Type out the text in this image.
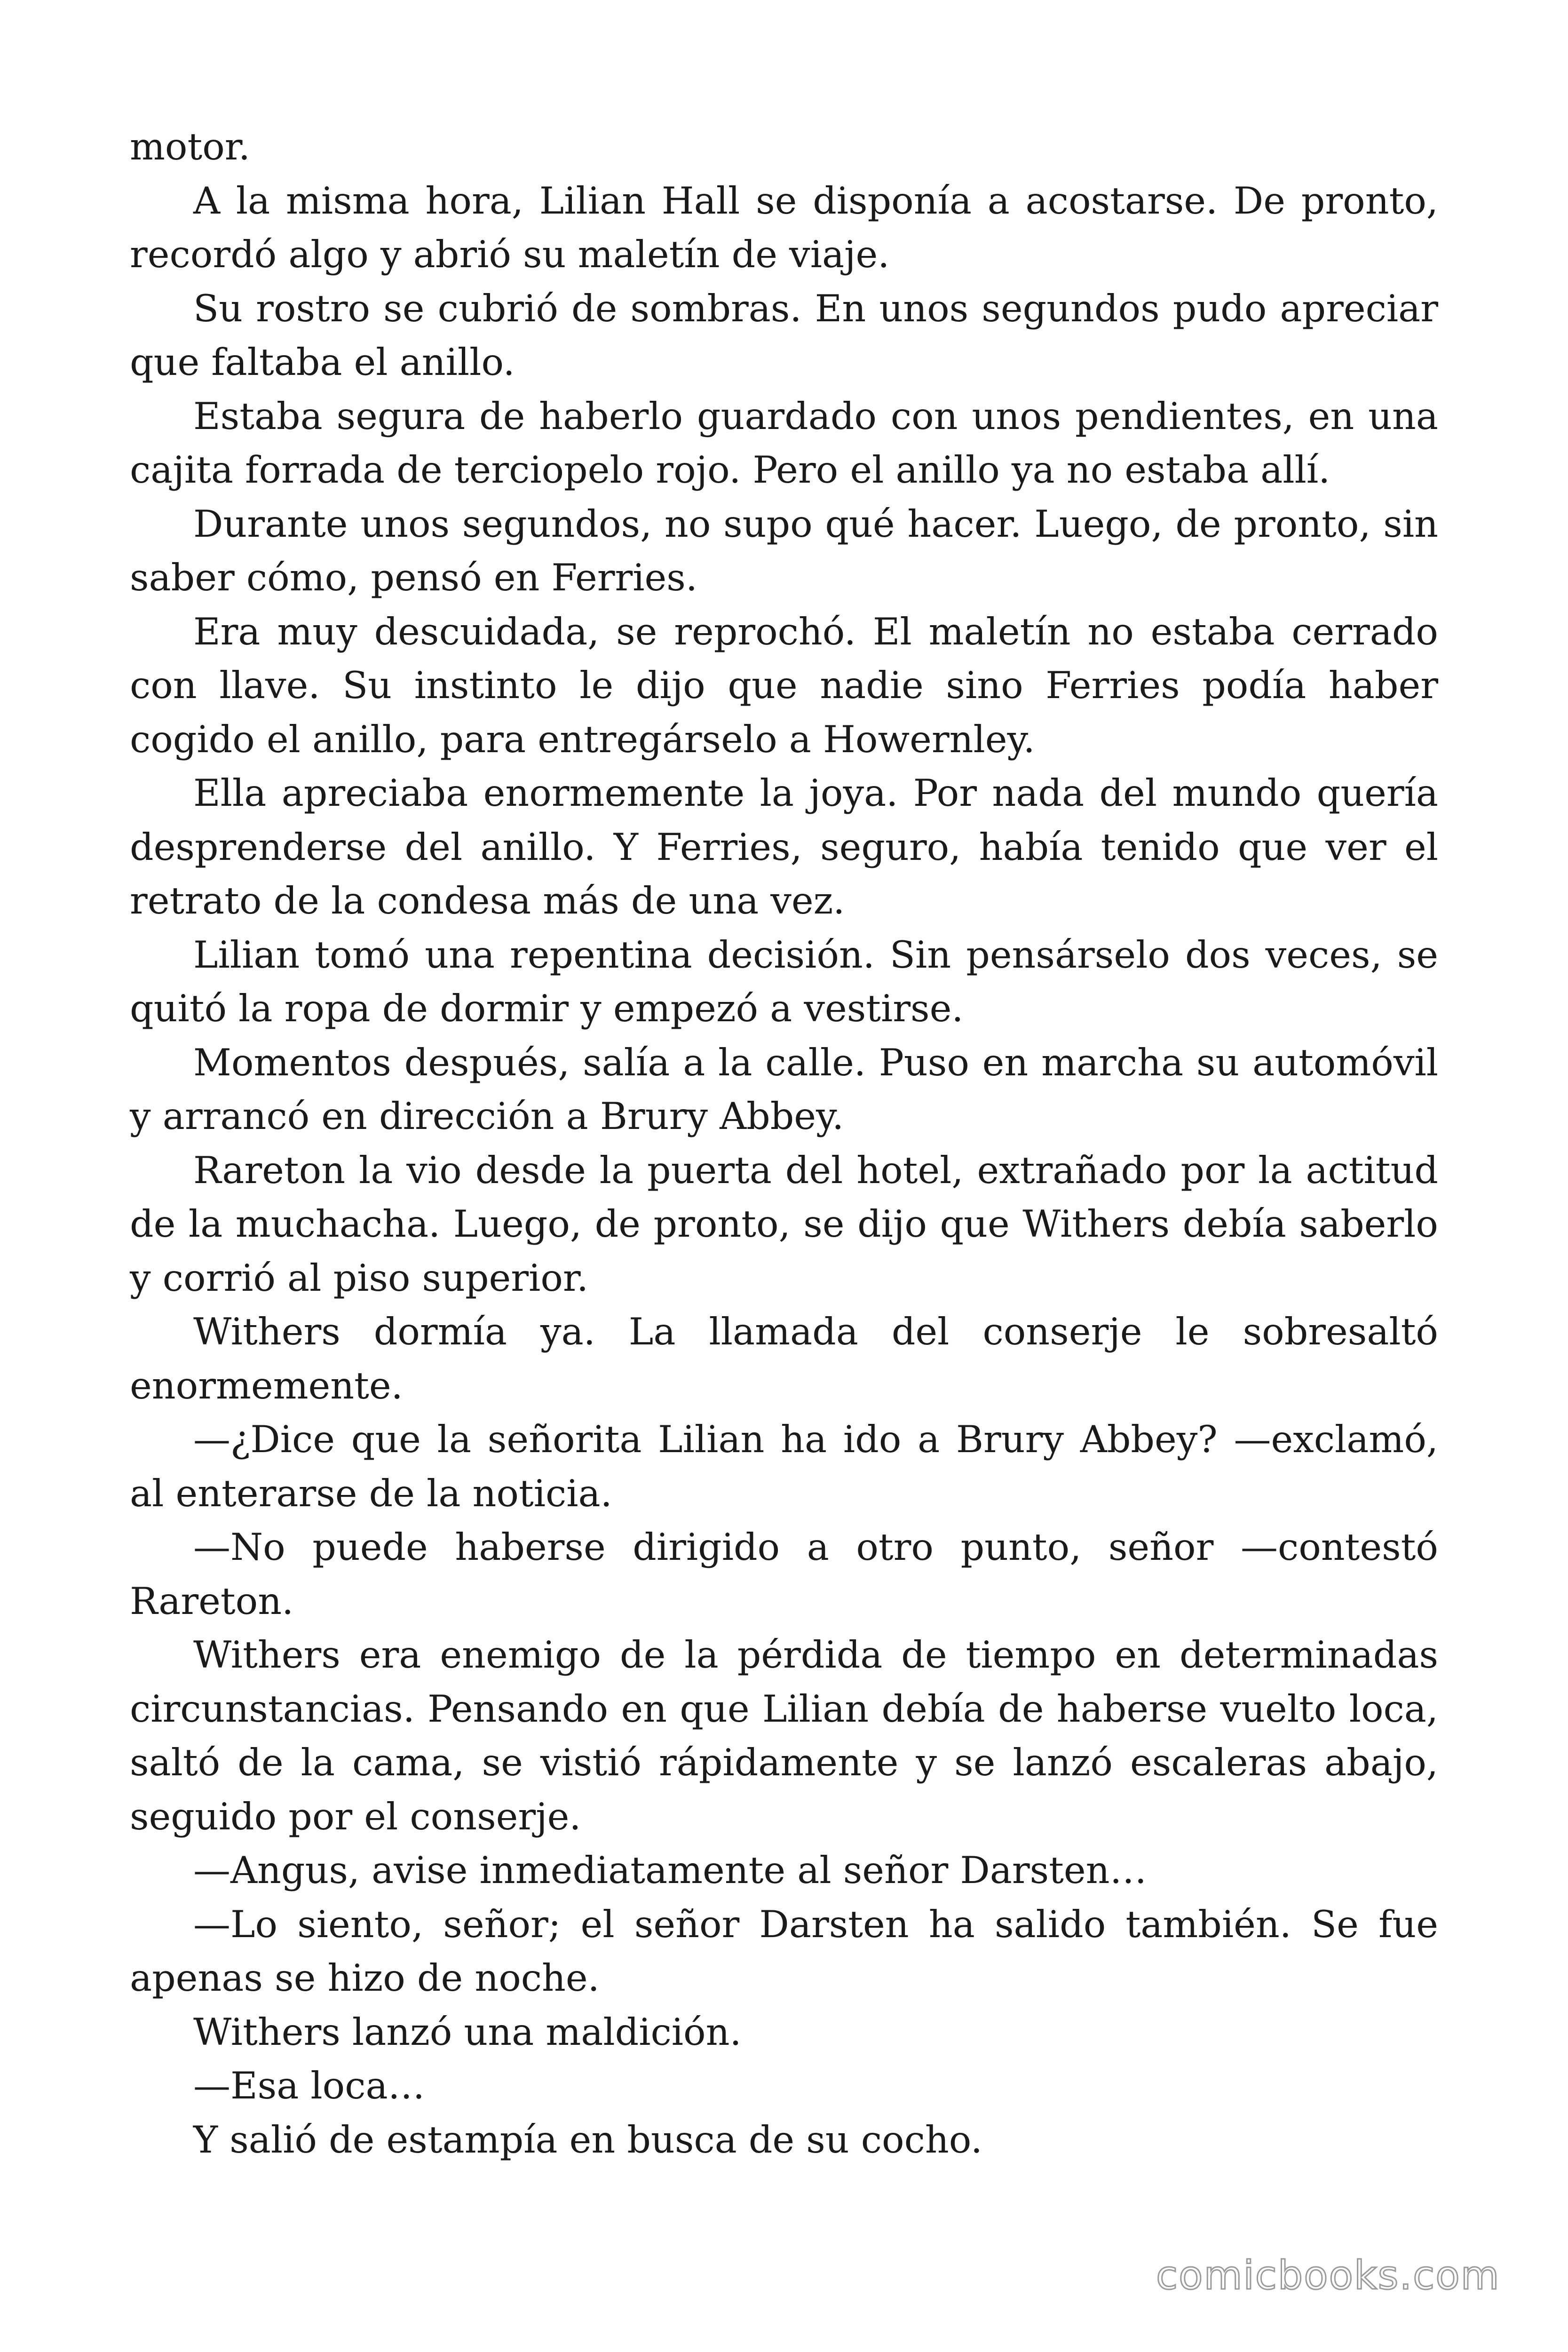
motor.

A la misma hora, Lilian Hall se disponía a acostarse. De pronto, recordó algo y abrió su maletín de viaje.

Su rostro se cubrió de sombras. En unos segundos pudo apreciar que faltaba el anillo.

Estaba segura de haberlo guardado con unos pendientes, en una cajita forrada de terciopelo rojo. Pero el anillo ya no estaba allí.

Durante unos segundos, no supo qué hacer. Luego, de pronto, sin saber cómo, pensó en Ferries.

Era muy descuidada, se reprochó. El maletín no estaba cerrado con llave. Su instinto le dijo que nadie sino Ferries podía haber cogido el anillo, para entregárselo a Howernley.

Ella apreciaba enormemente la joya. Por nada del mundo quería desprenderse del anillo. Y Ferries, seguro, había tenido que ver el retrato de la condesa más de una vez.

Lilian tomó una repentina decisión. Sin pensárselo dos veces, se quitó la ropa de dormir y empezó a vestirse.

Momentos después, salía a la calle. Puso en marcha su automóvil y arrancó en dirección a Brury Abbey.

Rareton la vio desde la puerta del hotel, extrañado por la actitud de la muchacha. Luego, de pronto, se dijo que Withers debía saberlo y corrió al piso superior.

Withers dormía ya. La llamada del conserje le sobresaltó enormemente.

—¿Dice que la señorita Lilian ha ido a Brury Abbey? —exclamó, al enterarse de la noticia.

—No puede haberse dirigido a otro punto, señor —contestó Rareton.

Withers era enemigo de la pérdida de tiempo en determinadas circunstancias. Pensando en que Lilian debía de haberse vuelto loca, saltó de la cama, se vistió rápidamente y se lanzó escaleras abajo, seguido por el conserje.

—Angus, avise inmediatamente al señor Darsten…

—Lo siento, señor; el señor Darsten ha salido también. Se fue apenas se hizo de noche.

Withers lanzó una maldición.

—Esa loca…

Y salió de estampía en busca de su cocho.

comicbooks.com
